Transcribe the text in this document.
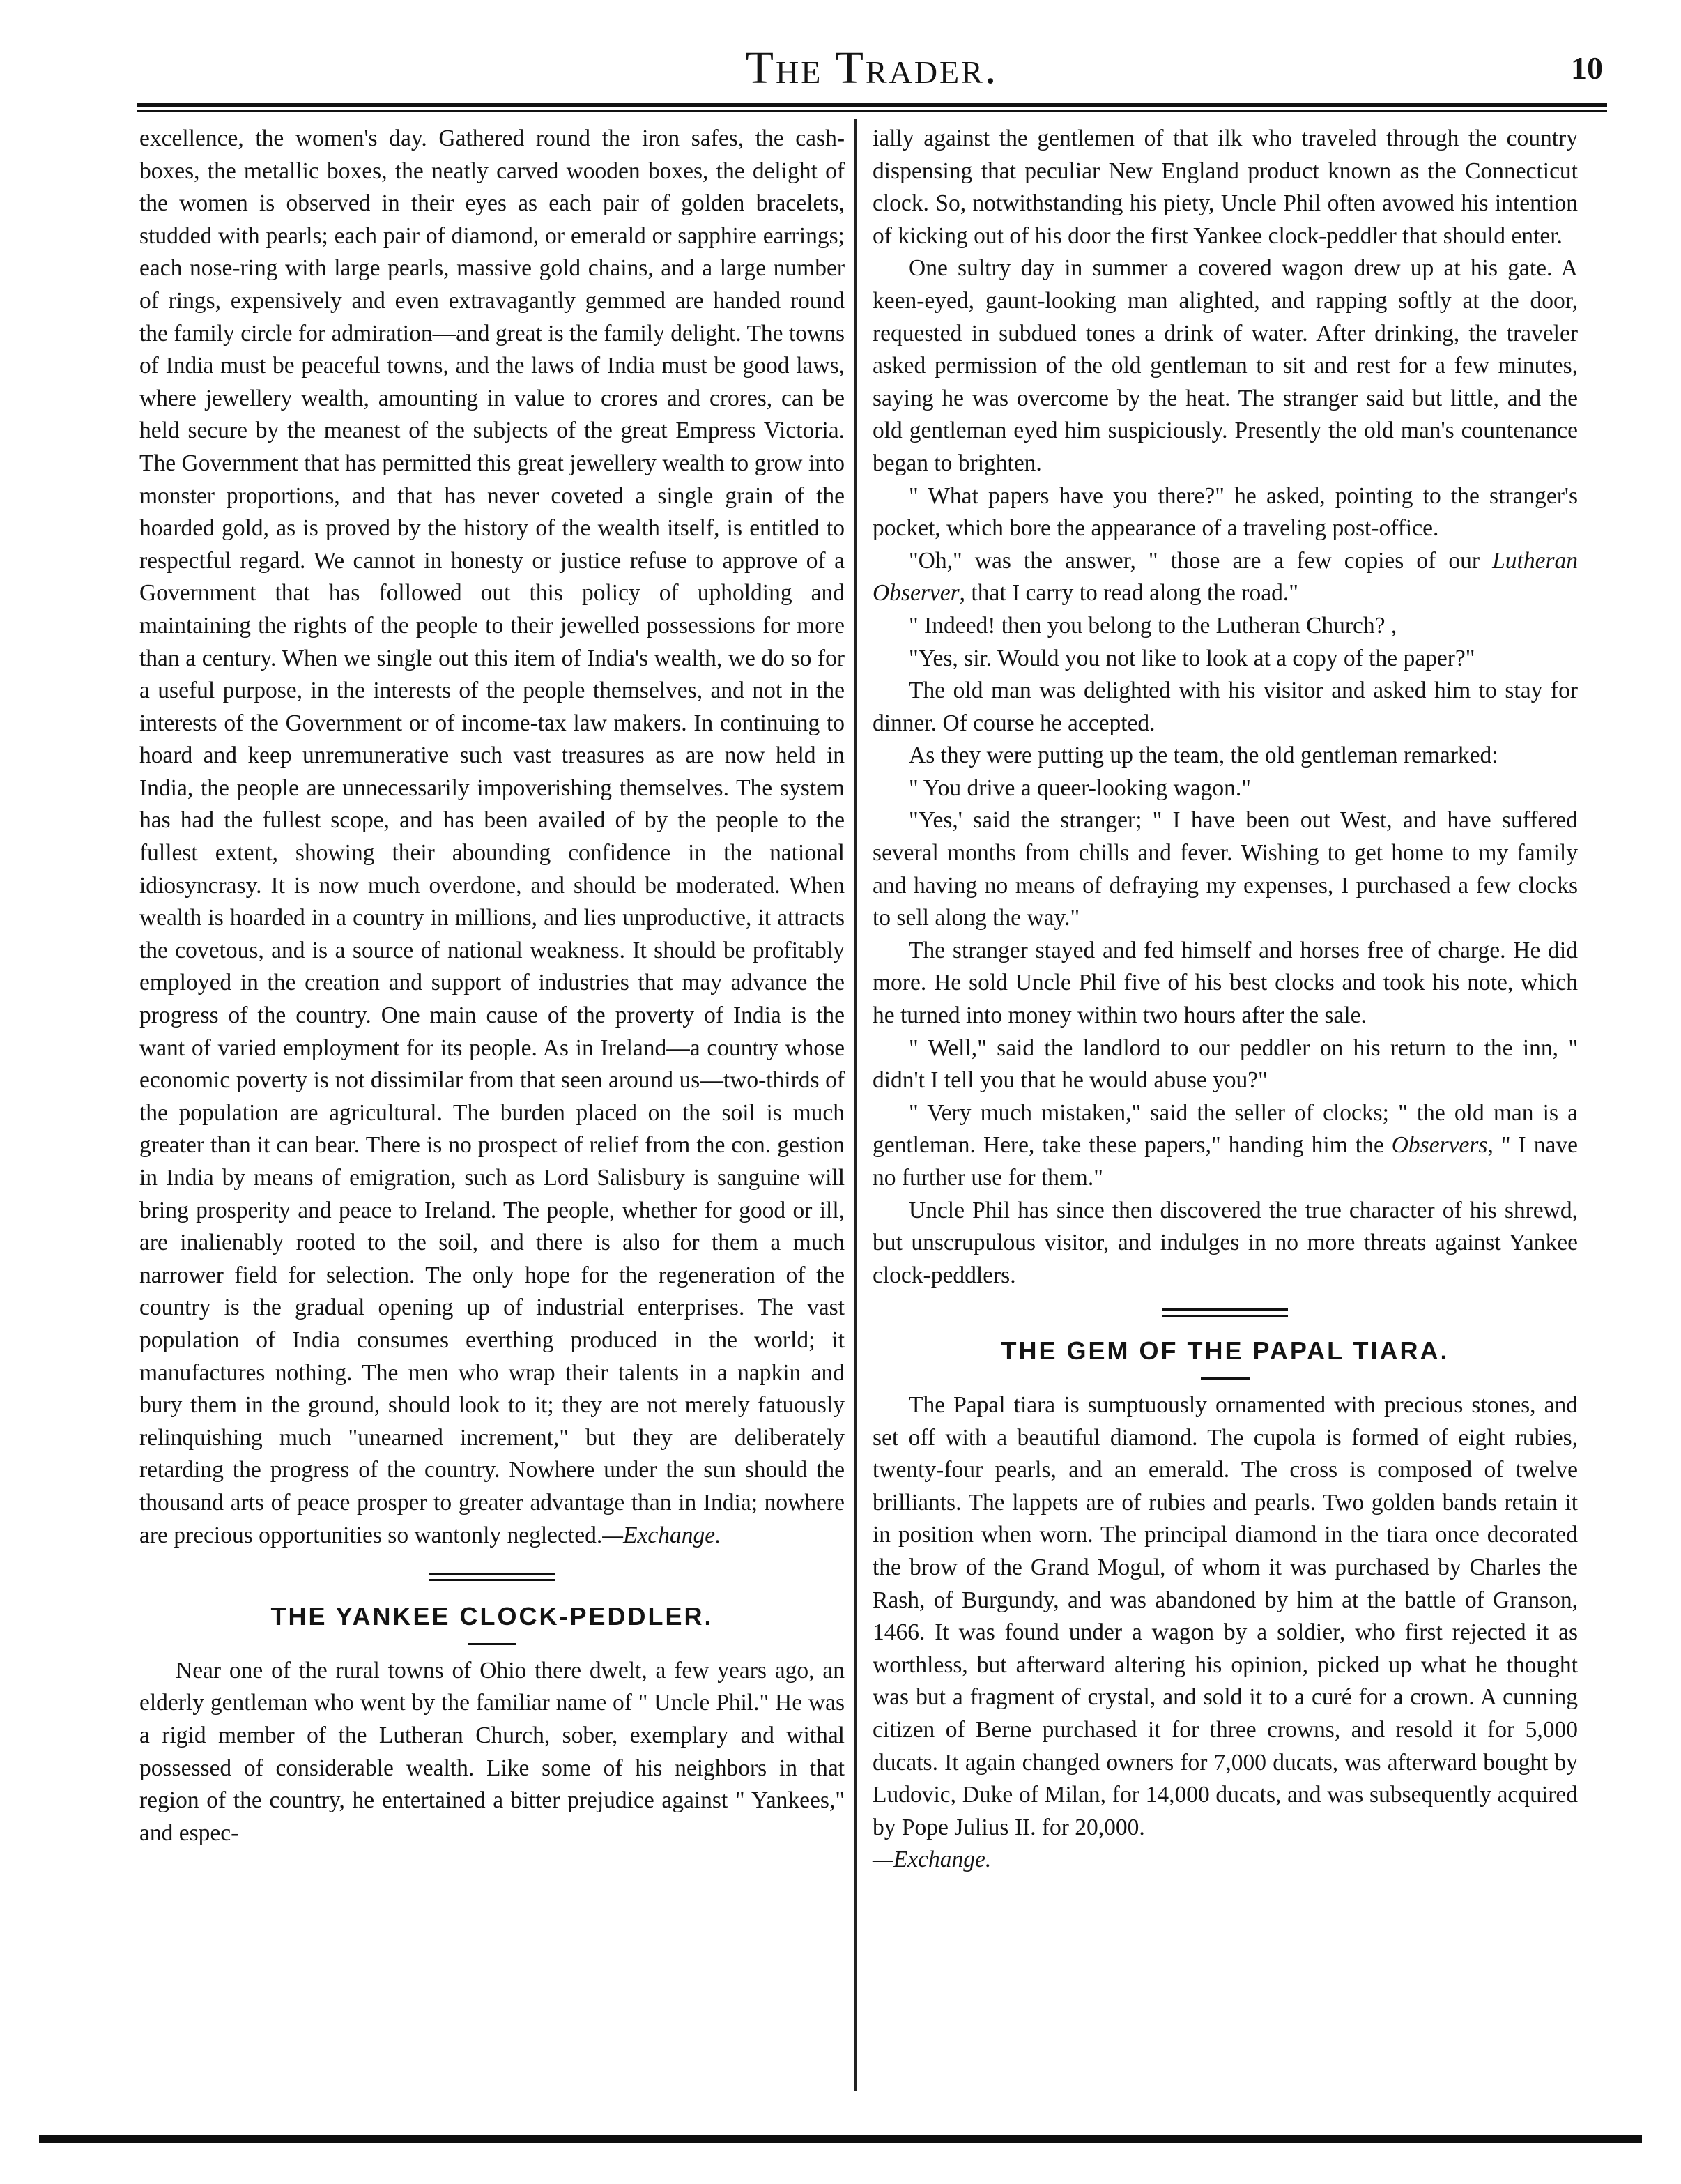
The Trader.	10

excellence, the women's day. Gathered round the iron safes, the cash-boxes, the metallic boxes, the neatly carved wooden boxes, the delight of the women is observed in their eyes as each pair of golden bracelets, studded with pearls; each pair of diamond, or emerald or sapphire earrings; each nose-ring with large pearls, massive gold chains, and a large number of rings, expensively and even extravagantly gemmed are handed round the family circle for admiration—and great is the family delight. The towns of India must be peaceful towns, and the laws of India must be good laws, where jewellery wealth, amounting in value to crores and crores, can be held secure by the meanest of the subjects of the great Empress Victoria. The Government that has permitted this great jewellery wealth to grow into monster proportions, and that has never coveted a single grain of the hoarded gold, as is proved by the history of the wealth itself, is entitled to respectful regard. We cannot in honesty or justice refuse to approve of a Government that has followed out this policy of upholding and maintaining the rights of the people to their jewelled possessions for more than a century. When we single out this item of India's wealth, we do so for a useful purpose, in the interests of the people themselves, and not in the interests of the Government or of income-tax law makers. In continuing to hoard and keep unremunerative such vast treasures as are now held in India, the people are unnecessarily impoverishing themselves. The system has had the fullest scope, and has been availed of by the people to the fullest extent, showing their abounding confidence in the national idiosyncrasy. It is now much overdone, and should be moderated. When wealth is hoarded in a country in millions, and lies unproductive, it attracts the covetous, and is a source of national weakness. It should be profitably employed in the creation and support of industries that may advance the progress of the country. One main cause of the proverty of India is the want of varied employment for its people. As in Ireland—a country whose economic poverty is not dissimilar from that seen around us—two-thirds of the population are agricultural. The burden placed on the soil is much greater than it can bear. There is no prospect of relief from the con. gestion in India by means of emigration, such as Lord Salisbury is sanguine will bring prosperity and peace to Ireland. The people, whether for good or ill, are inalienably rooted to the soil, and there is also for them a much narrower field for selection. The only hope for the regeneration of the country is the gradual opening up of industrial enterprises. The vast population of India consumes everthing produced in the world; it manufactures nothing. The men who wrap their talents in a napkin and bury them in the ground, should look to it; they are not merely fatuously relinquishing much "unearned increment," but they are deliberately retarding the progress of the country. Nowhere under the sun should the thousand arts of peace prosper to greater advantage than in India; nowhere are precious opportunities so wantonly neglected.—Exchange.

THE YANKEE CLOCK-PEDDLER.

Near one of the rural towns of Ohio there dwelt, a few years ago, an elderly gentleman who went by the familiar name of " Uncle Phil." He was a rigid member of the Lutheran Church, sober, exemplary and withal possessed of considerable wealth. Like some of his neighbors in that region of the country, he entertained a bitter prejudice against " Yankees," and espec-

ially against the gentlemen of that ilk who traveled through the country dispensing that peculiar New England product known as the Connecticut clock. So, notwithstanding his piety, Uncle Phil often avowed his intention of kicking out of his door the first Yankee clock-peddler that should enter.

One sultry day in summer a covered wagon drew up at his gate. A keen-eyed, gaunt-looking man alighted, and rapping softly at the door, requested in subdued tones a drink of water. After drinking, the traveler asked permission of the old gentleman to sit and rest for a few minutes, saying he was overcome by the heat. The stranger said but little, and the old gentleman eyed him suspiciously. Presently the old man's countenance began to brighten.

" What papers have you there?" he asked, pointing to the stranger's pocket, which bore the appearance of a traveling post-office.

"Oh," was the answer, " those are a few copies of our Lutheran Observer, that I carry to read along the road."

" Indeed! then you belong to the Lutheran Church? ,

"Yes, sir. Would you not like to look at a copy of the paper?"

The old man was delighted with his visitor and asked him to stay for dinner. Of course he accepted.

As they were putting up the team, the old gentleman remarked:

" You drive a queer-looking wagon."

"Yes,' said the stranger; " I have been out West, and have suffered several months from chills and fever. Wishing to get home to my family and having no means of defraying my expenses, I purchased a few clocks to sell along the way."

The stranger stayed and fed himself and horses free of charge. He did more. He sold Uncle Phil five of his best clocks and took his note, which he turned into money within two hours after the sale.

" Well," said the landlord to our peddler on his return to the inn, " didn't I tell you that he would abuse you?"

" Very much mistaken," said the seller of clocks; " the old man is a gentleman. Here, take these papers," handing him the Observers, " I nave no further use for them."

Uncle Phil has since then discovered the true character of his shrewd, but unscrupulous visitor, and indulges in no more threats against Yankee clock-peddlers.

THE GEM OF THE PAPAL TIARA.

The Papal tiara is sumptuously ornamented with precious stones, and set off with a beautiful diamond. The cupola is formed of eight rubies, twenty-four pearls, and an emerald. The cross is composed of twelve brilliants. The lappets are of rubies and pearls. Two golden bands retain it in position when worn. The principal diamond in the tiara once decorated the brow of the Grand Mogul, of whom it was purchased by Charles the Rash, of Burgundy, and was abandoned by him at the battle of Granson, 1466. It was found under a wagon by a soldier, who first rejected it as worthless, but afterward altering his opinion, picked up what he thought was but a fragment of crystal, and sold it to a curé for a crown. A cunning citizen of Berne purchased it for three crowns, and resold it for 5,000 ducats. It again changed owners for 7,000 ducats, was afterward bought by Ludovic, Duke of Milan, for 14,000 ducats, and was subsequently acquired by Pope Julius II. for 20,000.

—Exchange.
